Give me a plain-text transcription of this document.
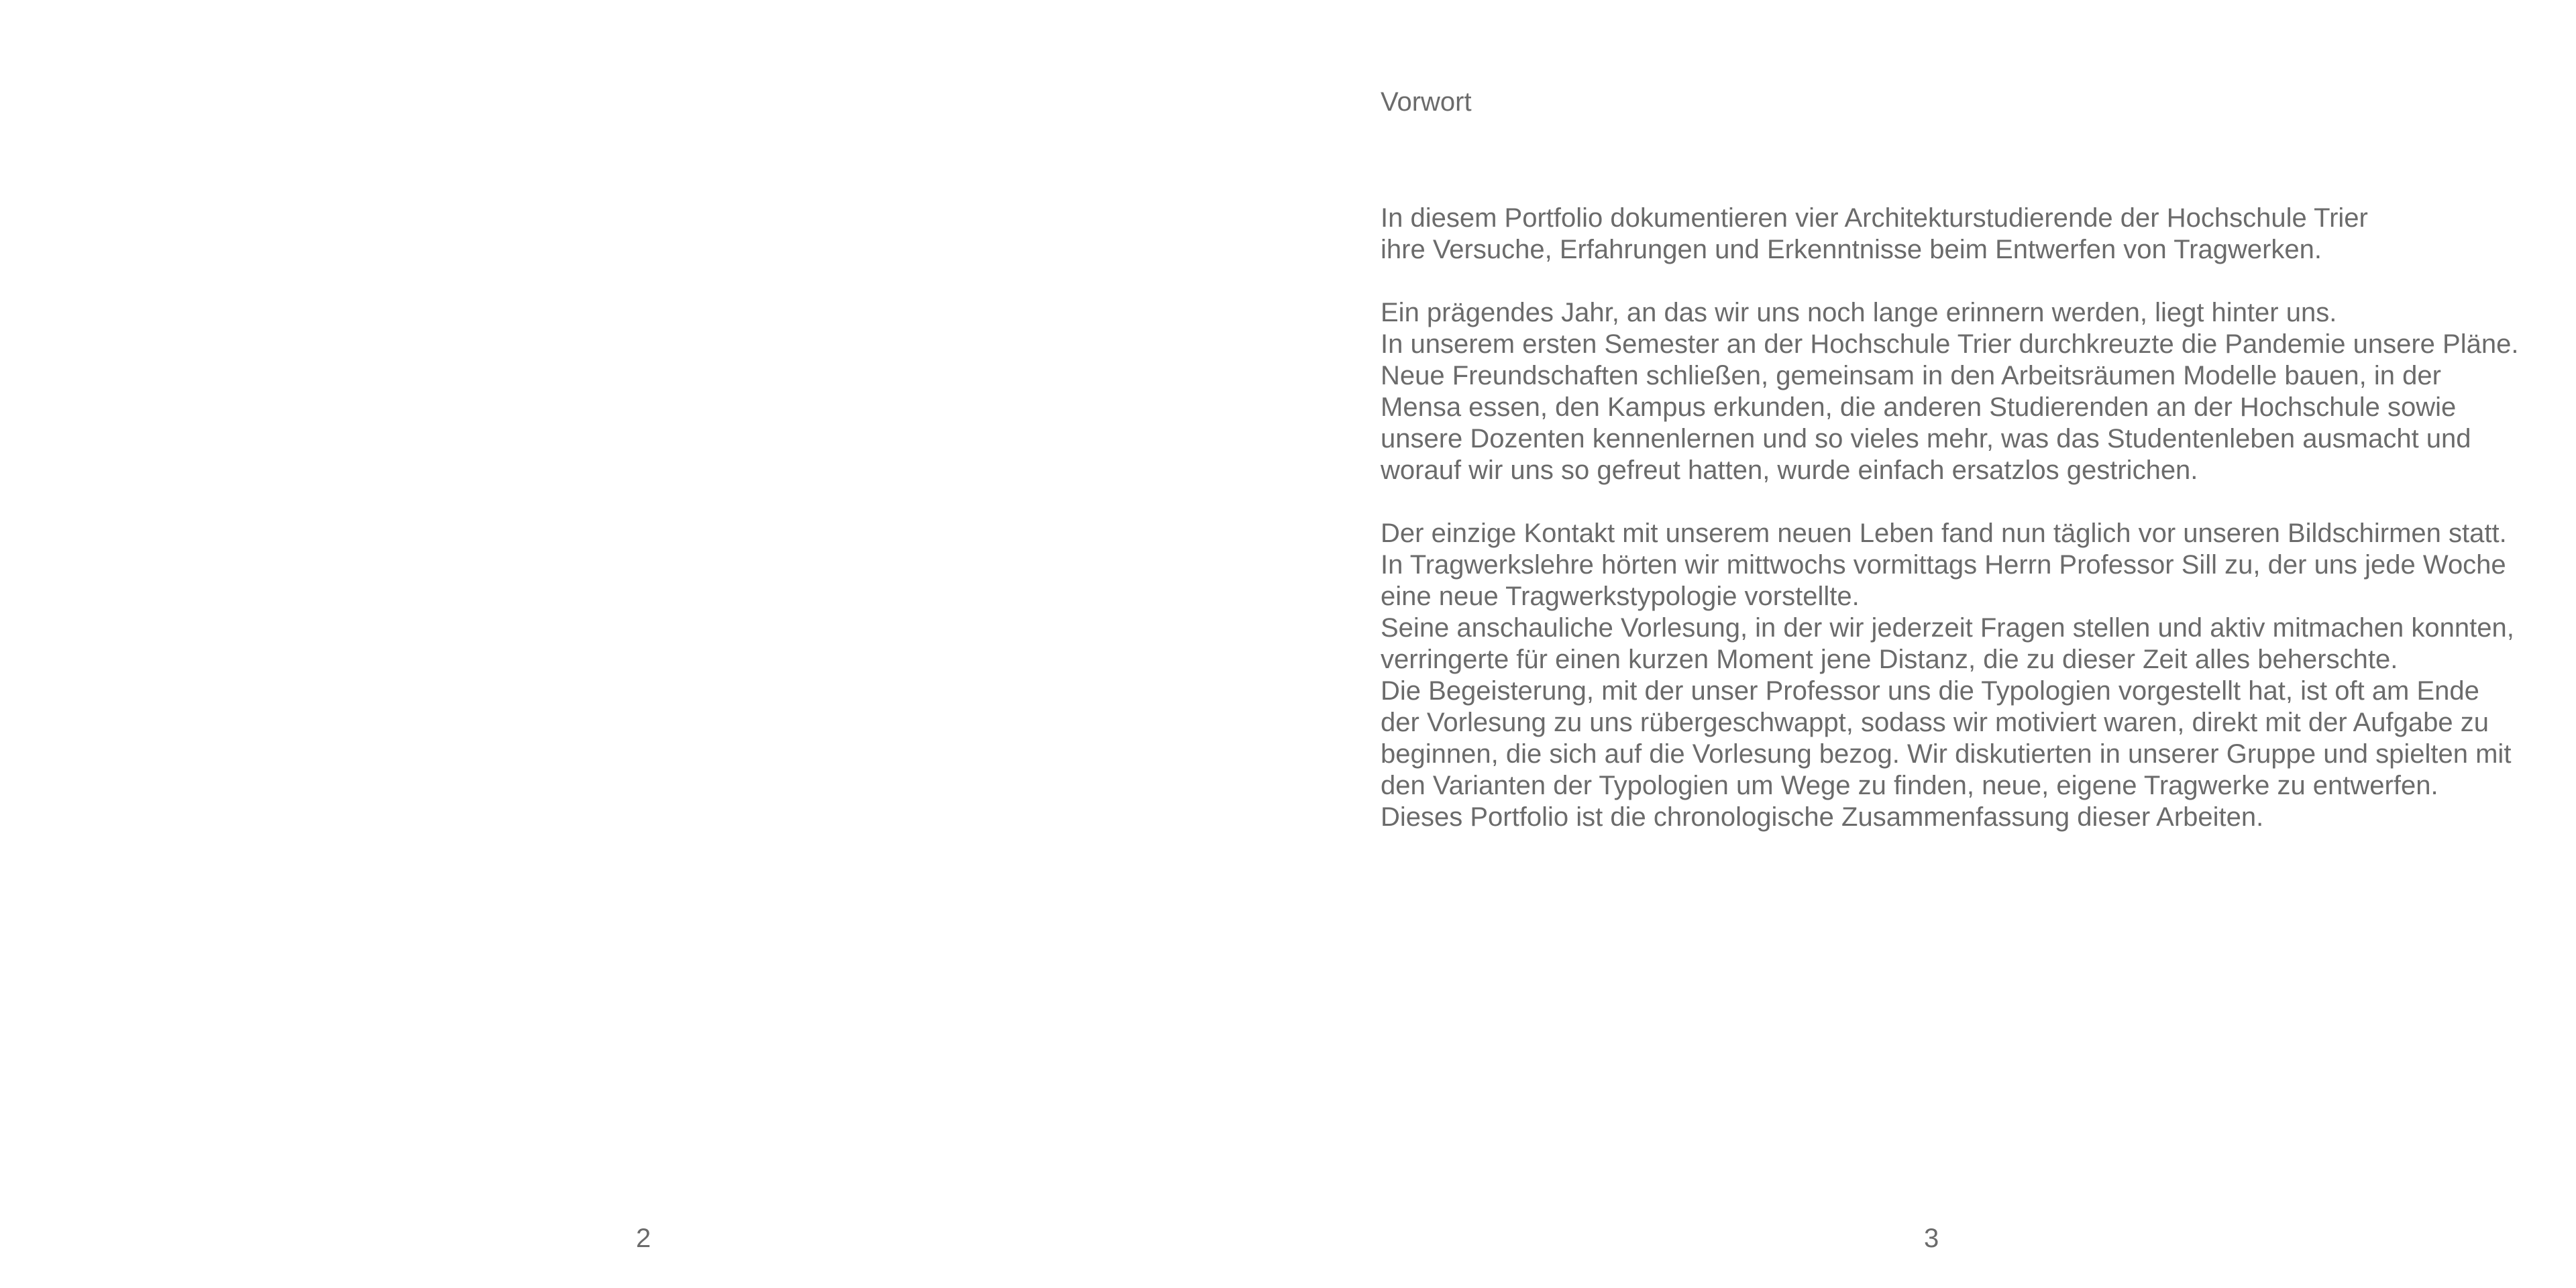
2
Vorwort

In diesem Portfolio dokumentieren vier Architekturstudierende der Hochschule Trier
ihre Versuche, Erfahrungen und Erkenntnisse beim Entwerfen von Tragwerken.

Ein prägendes Jahr, an das wir uns noch lange erinnern werden, liegt hinter uns.
In unserem ersten Semester an der Hochschule Trier durchkreuzte die Pandemie unsere Pläne.
Neue Freundschaften schließen, gemeinsam in den Arbeitsräumen Modelle bauen, in der
Mensa essen, den Kampus erkunden, die anderen Studierenden an der Hochschule sowie
unsere Dozenten kennenlernen und so vieles mehr, was das Studentenleben ausmacht und
worauf wir uns so gefreut hatten, wurde einfach ersatzlos gestrichen.

Der einzige Kontakt mit unserem neuen Leben fand nun täglich vor unseren Bildschirmen statt.
In Tragwerkslehre hörten wir mittwochs vormittags Herrn Professor Sill zu, der uns jede Woche
eine neue Tragwerkstypologie vorstellte.
Seine anschauliche Vorlesung, in der wir jederzeit Fragen stellen und aktiv mitmachen konnten,
verringerte für einen kurzen Moment jene Distanz, die zu dieser Zeit alles beherschte.
Die Begeisterung, mit der unser Professor uns die Typologien vorgestellt hat, ist oft am Ende
der Vorlesung zu uns rübergeschwappt, sodass wir motiviert waren, direkt mit der Aufgabe zu
beginnen, die sich auf die Vorlesung bezog. Wir diskutierten in unserer Gruppe und spielten mit
den Varianten der Typologien um Wege zu finden, neue, eigene Tragwerke zu entwerfen.
Dieses Portfolio ist die chronologische Zusammenfassung dieser Arbeiten.

3
